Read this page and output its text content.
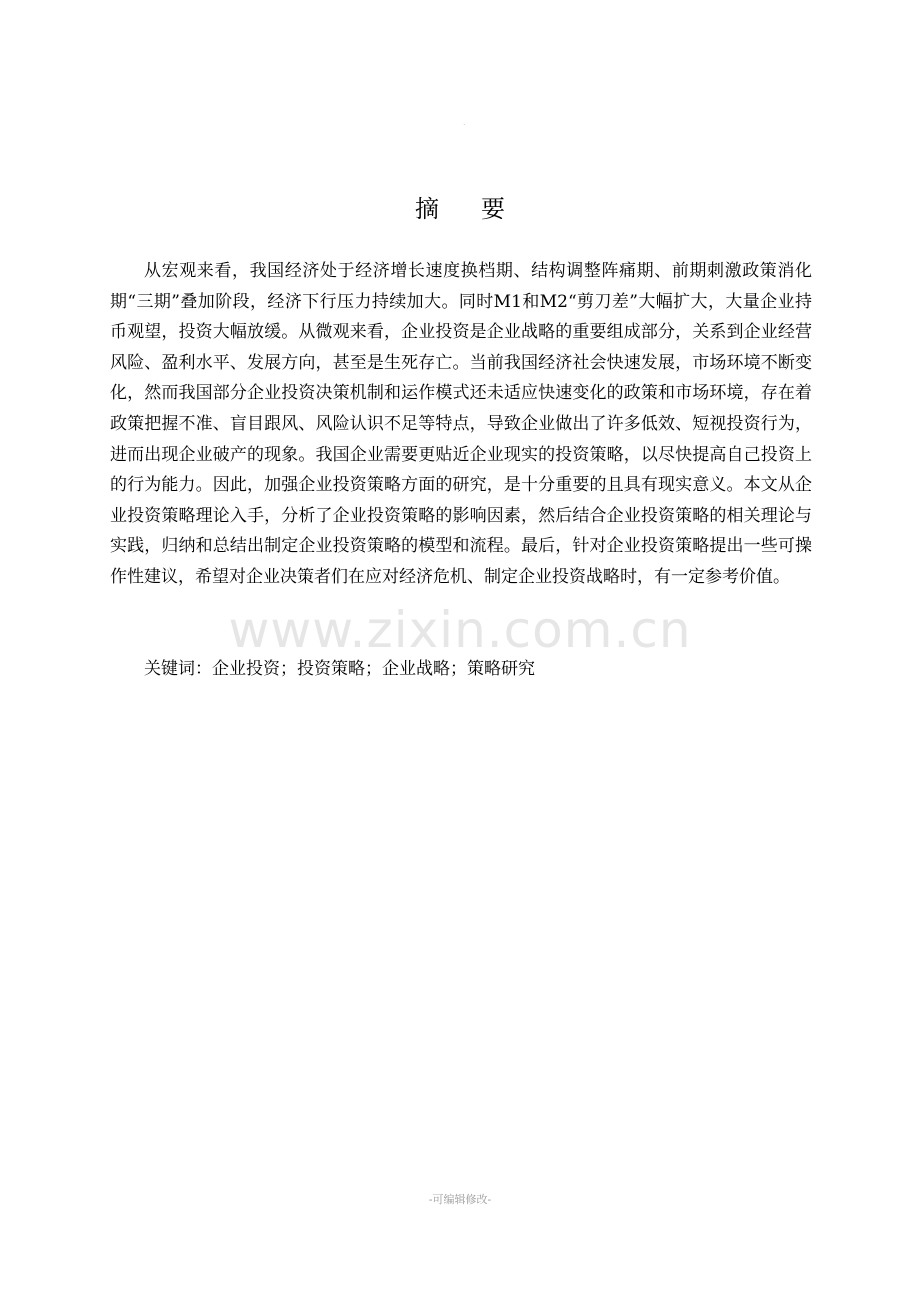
.
摘要

从宏观来看，我国经济处于经济增长速度换档期、结构调整阵痛期、前期刺激政策消化期“三期”叠加阶段，经济下行压力持续加大。同时M1和M2“剪刀差”大幅扩大，大量企业持币观望，投资大幅放缓。从微观来看，企业投资是企业战略的重要组成部分，关系到企业经营风险、盈利水平、发展方向，甚至是生死存亡。当前我国经济社会快速发展，市场环境不断变化，然而我国部分企业投资决策机制和运作模式还未适应快速变化的政策和市场环境，存在着政策把握不准、盲目跟风、风险认识不足等特点，导致企业做出了许多低效、短视投资行为，进而出现企业破产的现象。我国企业需要更贴近企业现实的投资策略，以尽快提高自己投资上的行为能力。因此，加强企业投资策略方面的研究，是十分重要的且具有现实意义。本文从企业投资策略理论入手，分析了企业投资策略的影响因素，然后结合企业投资策略的相关理论与实践，归纳和总结出制定企业投资策略的模型和流程。最后，针对企业投资策略提出一些可操作性建议，希望对企业决策者们在应对经济危机、制定企业投资战略时，有一定参考价值。

www.zixin.com.cn

关键词：企业投资；投资策略；企业战略；策略研究

-可编辑修改-
